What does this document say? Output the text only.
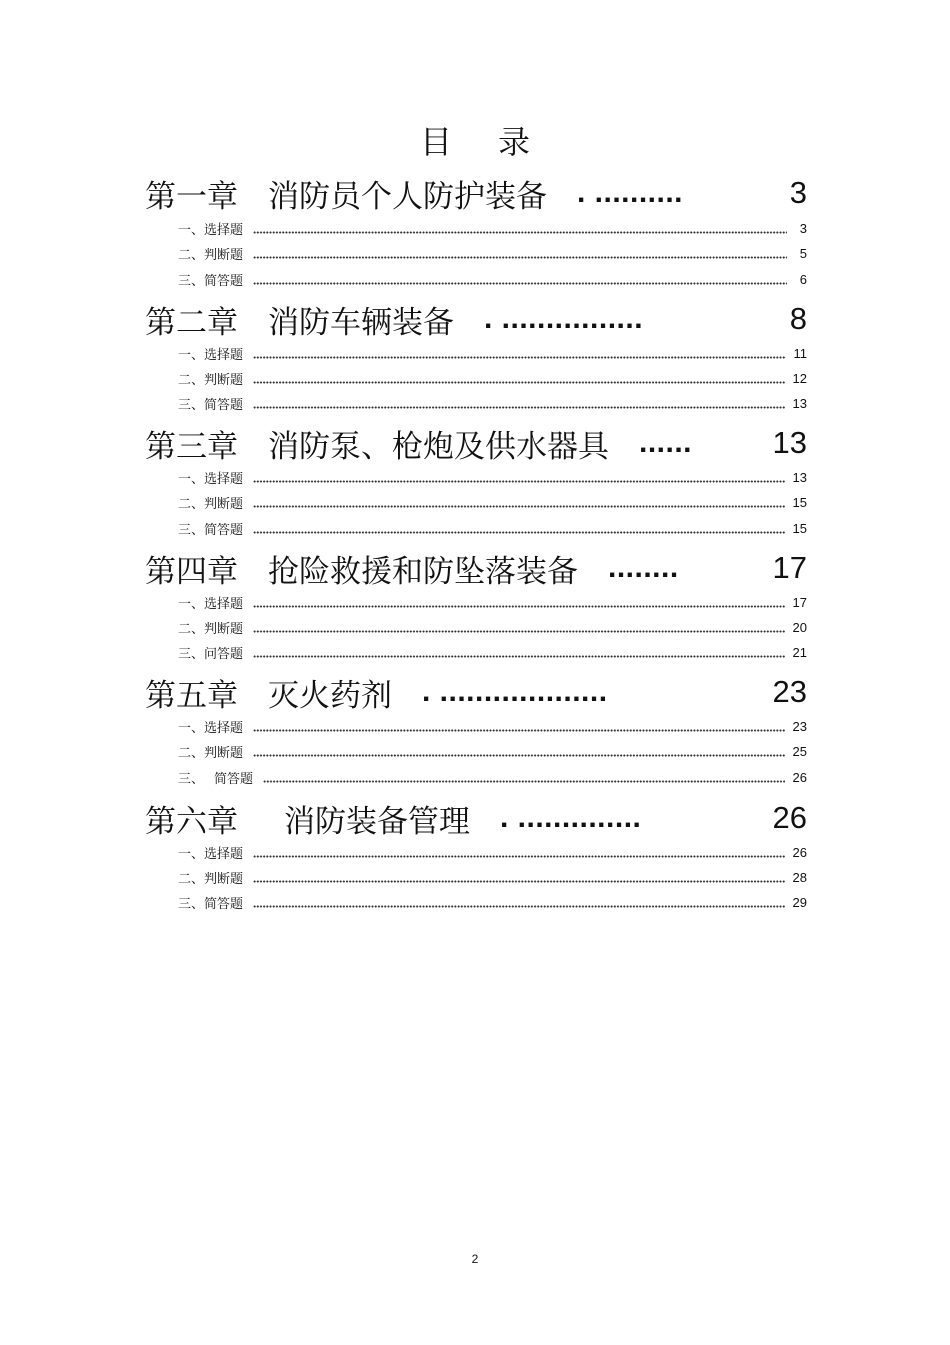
目 录
第一章 消防员个人防护装备 . ..........	3
一、选择题	3
二、判断题	5
三、简答题	6
第二章 消防车辆装备 . ................	8
一、选择题	11
二、判断题	12
三、简答题	13
第三章 消防泵、枪炮及供水器具 ......	13
一、选择题	13
二、判断题	15
三、简答题	15
第四章 抢险救援和防坠落装备 ........	17
一、选择题	17
二、判断题	20
三、问答题	21
第五章 灭火药剂 . ...................	23
一、选择题	23
二、判断题	25
三、 简答题	26
第六章 消防装备管理 . ..............	26
一、选择题	26
二、判断题	28
三、简答题	29
2
